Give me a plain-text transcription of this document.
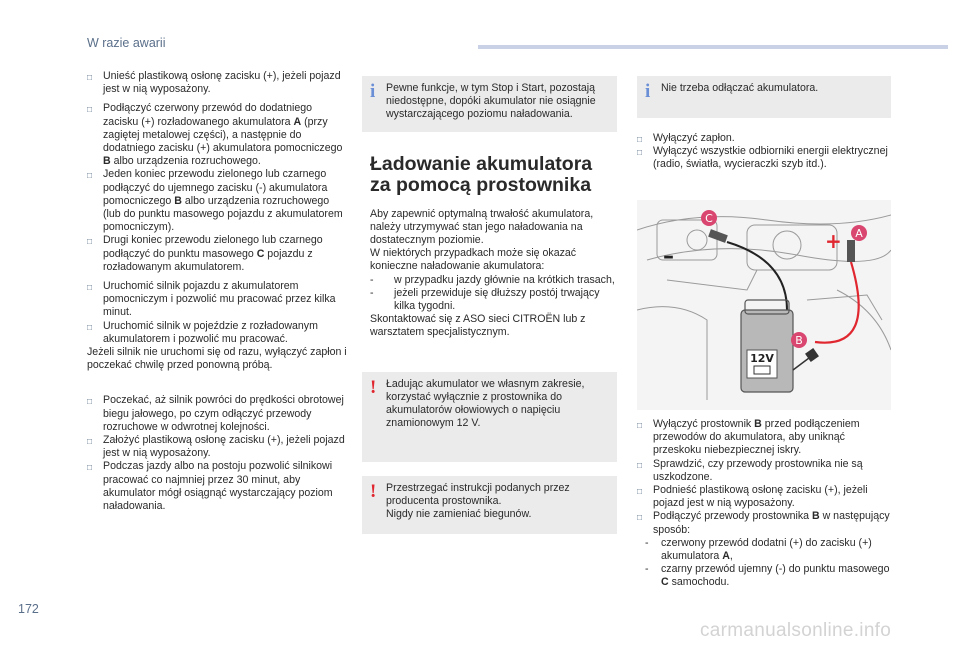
W razie awarii
□ Unieść plastikową osłonę zacisku (+), jeżeli pojazd jest w nią wyposażony.
□ Podłączyć czerwony przewód do dodatniego zacisku (+) rozładowanego akumulatora A (przy zagiętej metalowej części), a następnie do dodatniego zacisku (+) akumulatora pomocniczego B albo urządzenia rozruchowego.
□ Jeden koniec przewodu zielonego lub czarnego podłączyć do ujemnego zacisku (-) akumulatora pomocniczego B albo urządzenia rozruchowego (lub do punktu masowego pojazdu z akumulatorem pomocniczym).
□ Drugi koniec przewodu zielonego lub czarnego podłączyć do punktu masowego C pojazdu z rozładowanym akumulatorem.
□ Uruchomić silnik pojazdu z akumulatorem pomocniczym i pozwolić mu pracować przez kilka minut.
□ Uruchomić silnik w pojeździe z rozładowanym akumulatorem i pozwolić mu pracować.

Jeżeli silnik nie uruchomi się od razu, wyłączyć zapłon i poczekać chwilę przed ponowną próbą.

□ Poczekać, aż silnik powróci do prędkości obrotowej biegu jałowego, po czym odłączyć przewody rozruchowe w odwrotnej kolejności.
□ Założyć plastikową osłonę zacisku (+), jeżeli pojazd jest w nią wyposażony.
□ Podczas jazdy albo na postoju pozwolić silnikowi pracować co najmniej przez 30 minut, aby akumulator mógł osiągnąć wystarczający poziom naładowania.
i Pewne funkcje, w tym Stop i Start, pozostają niedostępne, dopóki akumulator nie osiągnie wystarczającego poziomu naładowania.
Ładowanie akumulatora za pomocą prostownika

Aby zapewnić optymalną trwałość akumulatora, należy utrzymywać stan jego naładowania na dostatecznym poziomie.

W niektórych przypadkach może się okazać konieczne naładowanie akumulatora:

- w przypadku jazdy głównie na krótkich trasach,
- jeżeli przewiduje się dłuższy postój trwający kilka tygodni.

Skontaktować się z ASO sieci CITROËN lub z warsztatem specjalistycznym.

! Ładując akumulator we własnym zakresie, korzystać wyłącznie z prostownika do akumulatorów ołowiowych o napięciu znamionowym 12 V.
! Przestrzegać instrukcji podanych przez producenta prostownika.
Nigdy nie zamieniać biegunów.
i Nie trzeba odłączać akumulatora.
□ Wyłączyć zapłon.
□ Wyłączyć wszystkie odbiorniki energii elektrycznej (radio, światła, wycieraczki szyb itd.).
12V
+
–
C
A
B
□ Wyłączyć prostownik B przed podłączeniem przewodów do akumulatora, aby uniknąć przeskoku niebezpiecznej iskry.
□ Sprawdzić, czy przewody prostownika nie są uszkodzone.
□ Podnieść plastikową osłonę zacisku (+), jeżeli pojazd jest w nią wyposażony.
□ Podłączyć przewody prostownika B w następujący sposób:
- czerwony przewód dodatni (+) do zacisku (+) akumulatora A,
- czarny przewód ujemny (-) do punktu masowego C samochodu.
172
carmanualsonline.info
